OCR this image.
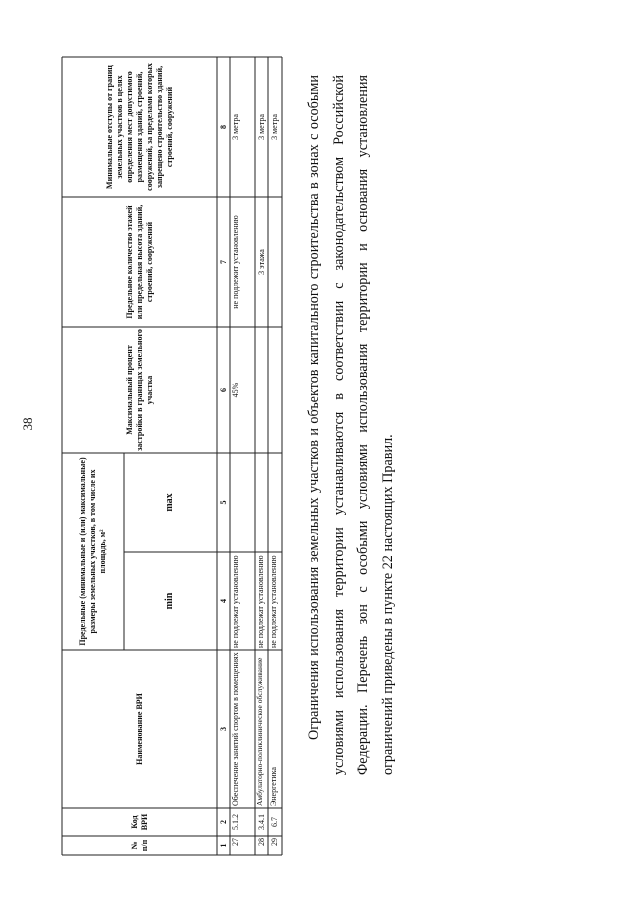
38
№ п/п
Код ВРИ
Наименование ВРИ
Предельные (минимальные и (или) максимальные) размеры земельных участков, в том числе их площадь, м²
min
max
Максимальный процент застройки в границах земельного участка
Предельное количество этажей или предельная высота зданий, строений, сооружений
Минимальные отступы от границ земельных участков в целях определения мест допустимого размещения зданий, строений, сооружений, за пределами которых запрещено строительство зданий, строений, сооружений
1
2
3
4
5
6
7
8
27
5.1.2
Обеспечение занятий спортом в помещениях
не подлежат установлению
45%
не подлежит установлению
3 метра
28
3.4.1
Амбулаторно-поликлиническое обслуживание
не подлежат установлению
3 этажа
3 метра
29
6.7
Энергетика
не подлежат установлению
3 метра Ограничения использования земельных участков и объектов капитального строительства в зонах с особыми условиями использования территории устанавливаются в соответствии с законодательством Российской Федерации. Перечень зон с особыми условиями использования территории и основания установления ограничений приведены в пункте 22 настоящих Правил.
